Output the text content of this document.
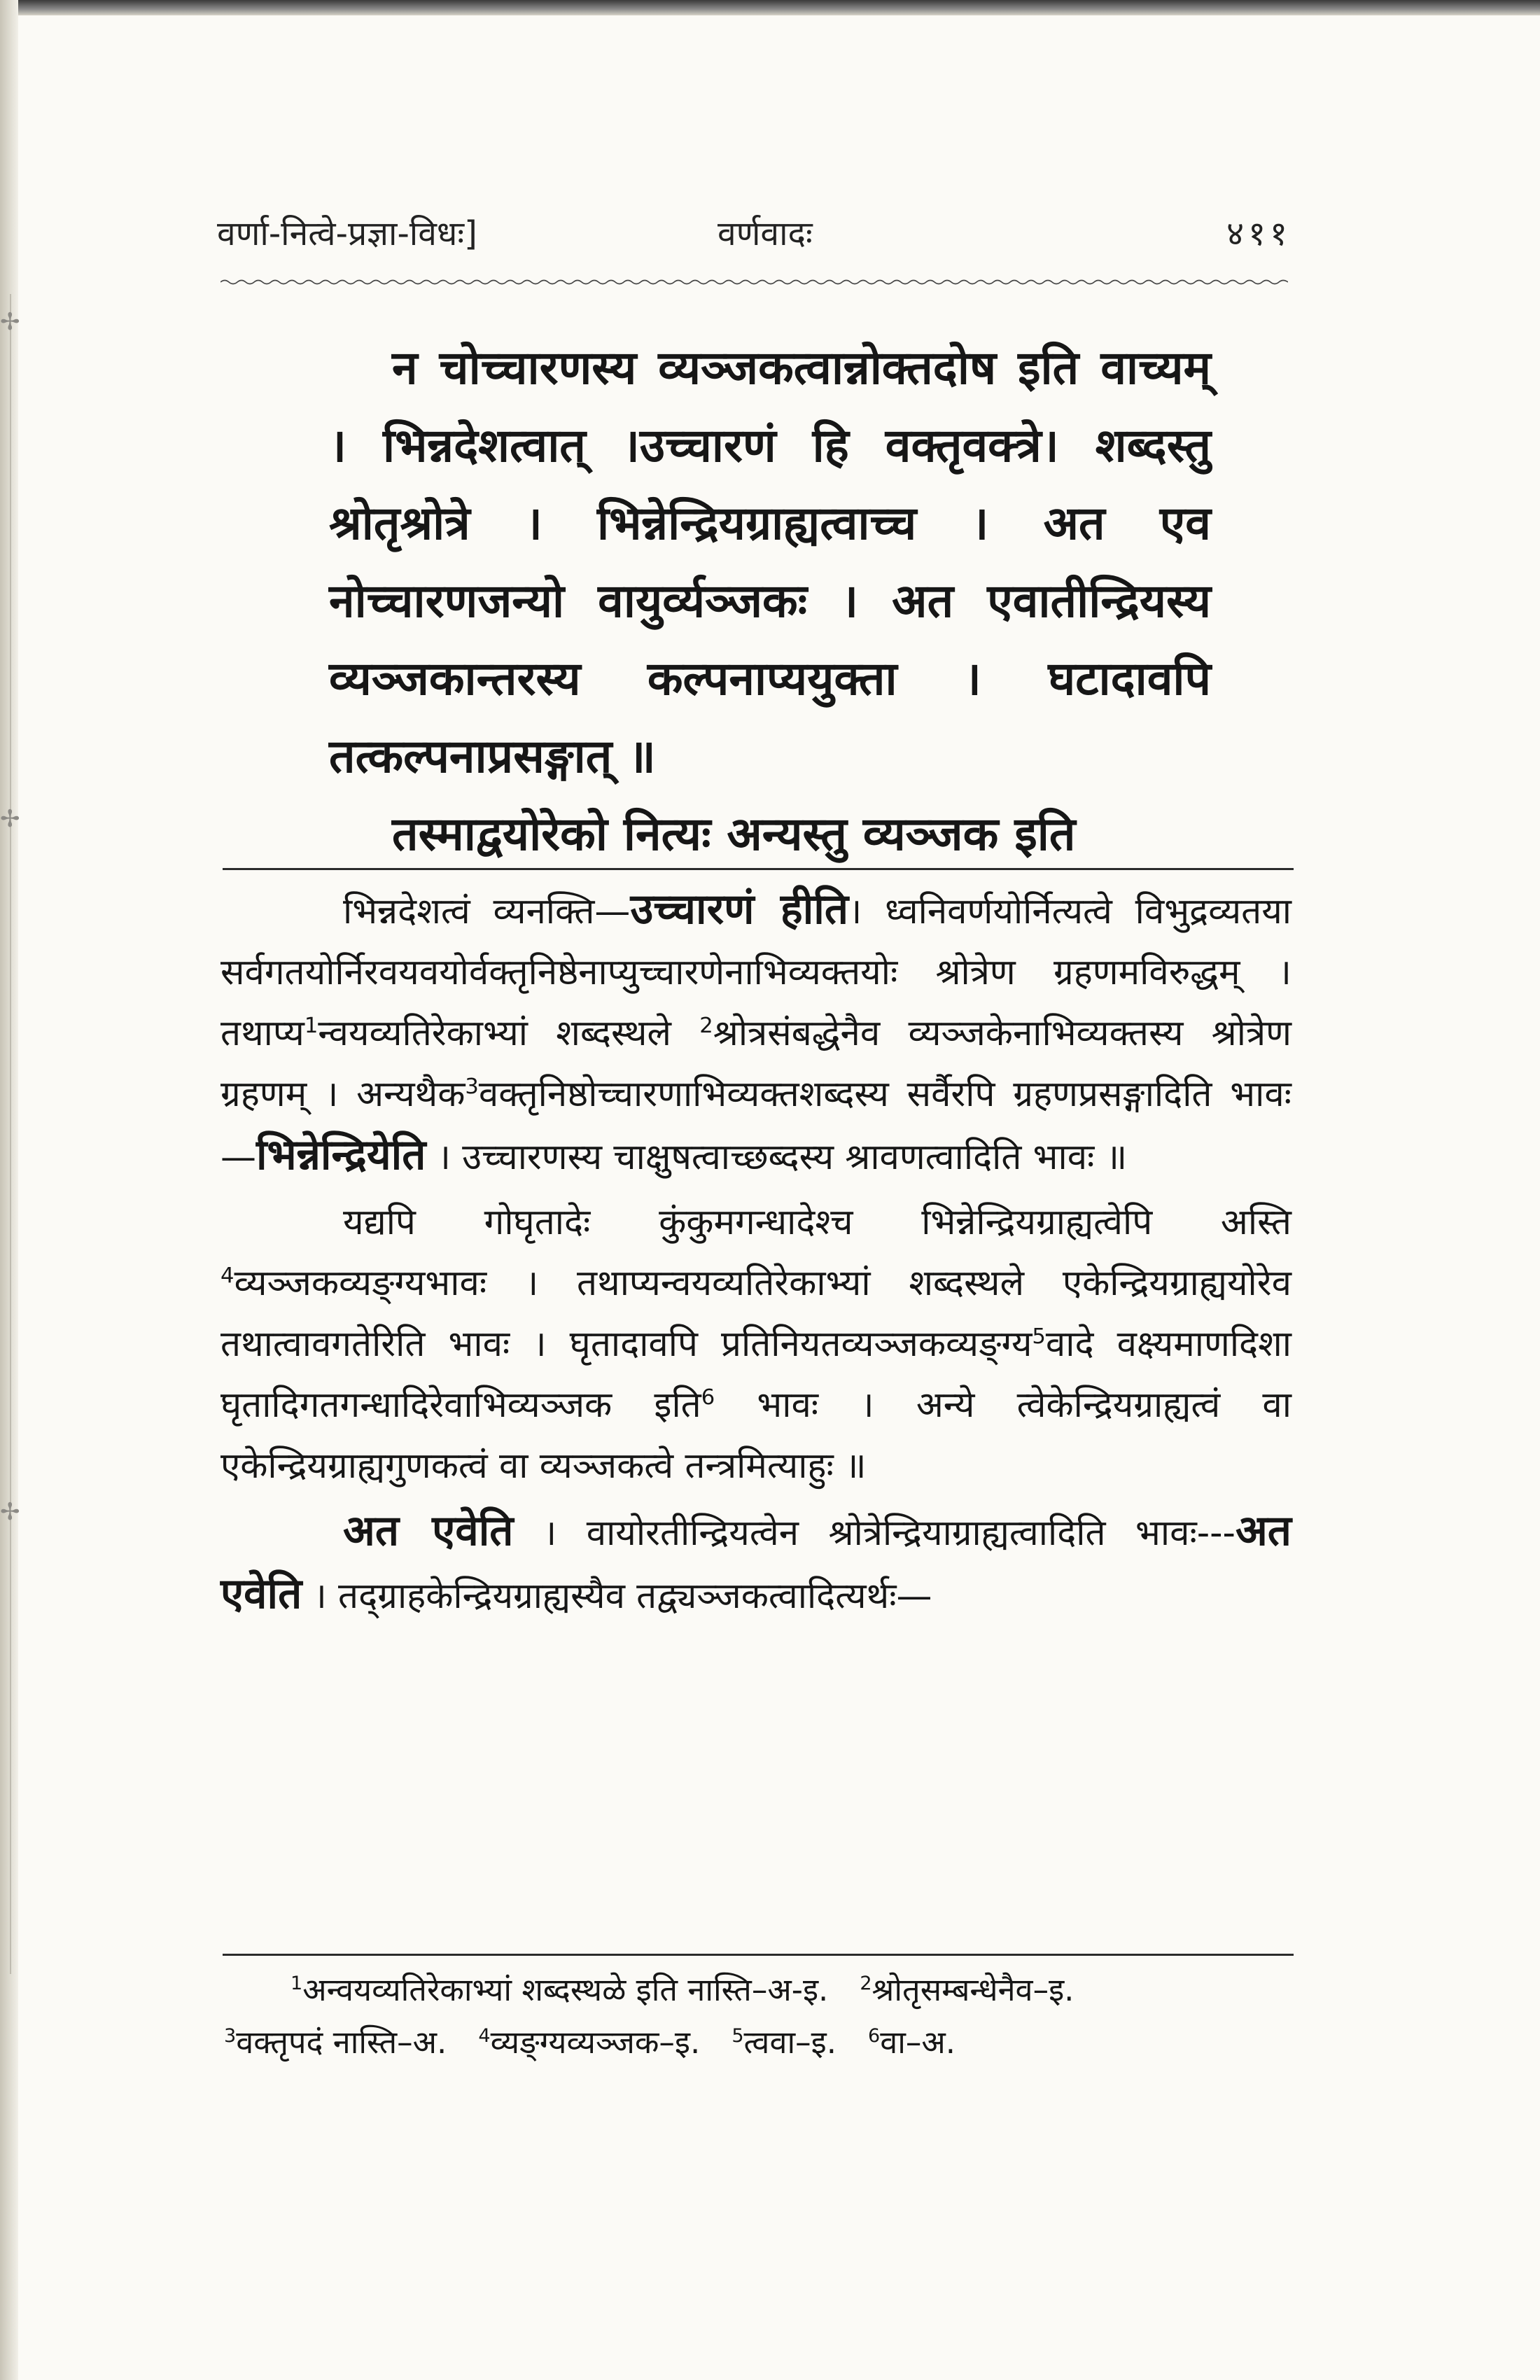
✢
✢
✢
वर्णा-नित्वे-प्रज्ञा-विधः]	वर्णवादः	४११

न चोच्चारणस्य व्यञ्जकत्वान्नोक्तदोष इति वाच्यम् । भिन्नदेशत्वात् ।उच्चारणं हि वक्तृवक्त्रे। शब्दस्तु श्रोतृश्रोत्रे । भिन्नेन्द्रियग्राह्यत्वाच्च । अत एव नोच्चारणजन्यो वायुर्व्यञ्जकः । अत एवातीन्द्रियस्य व्यञ्जकान्तरस्य कल्पनाप्ययुक्ता । घटादावपि तत्कल्पनाप्रसङ्गात् ॥

तस्माद्वयोरेको नित्यः अन्यस्तु व्यञ्जक इति

भिन्नदेशत्वं व्यनक्ति—उच्चारणं हीति। ध्वनिवर्णयोर्नित्यत्वे विभुद्रव्यतया सर्वगतयोर्निरवयवयोर्वक्तृनिष्ठेनाप्युच्चारणेनाभिव्यक्तयोः श्रोत्रेण ग्रहणमविरुद्धम् । तथाप्य$^1$न्वयव्यतिरेकाभ्यां शब्दस्थले $^2$श्रोत्रसंबद्धेनैव व्यञ्जकेनाभिव्यक्तस्य श्रोत्रेण ग्रहणम् । अन्यथैक$^3$वक्तृनिष्ठोच्चारणाभिव्यक्तशब्दस्य सर्वैरपि ग्रहणप्रसङ्गादिति भावः—भिन्नेन्द्रियेति । उच्चारणस्य चाक्षुषत्वाच्छब्दस्य श्रावणत्वादिति भावः ॥

यद्यपि गोघृतादेः कुंकुमगन्धादेश्च भिन्नेन्द्रियग्राह्यत्वेपि अस्ति $^4$व्यञ्जकव्यङ्ग्यभावः । तथाप्यन्वयव्यतिरेकाभ्यां शब्दस्थले एकेन्द्रियग्राह्ययोरेव तथात्वावगतेरिति भावः । घृतादावपि प्रतिनियतव्यञ्जकव्यङ्ग्य$^5$वादे वक्ष्यमाणदिशा घृतादिगतगन्धादिरेवाभिव्यञ्जक इति$^6$ भावः । अन्ये त्वेकेन्द्रियग्राह्यत्वं वा एकेन्द्रियग्राह्यगुणकत्वं वा व्यञ्जकत्वे तन्त्रमित्याहुः ॥

अत एवेति । वायोरतीन्द्रियत्वेन श्रोत्रेन्द्रियाग्राह्यत्वादिति भावः---अत एवेति । तद्ग्राहकेन्द्रियग्राह्यस्यैव तद्व्यञ्जकत्वादित्यर्थः—

$^1$अन्वयव्यतिरेकाभ्यां शब्दस्थळे इति नास्ति–अ-इ. $^2$श्रोतृसम्बन्धेनैव–इ.
$^3$वक्तृपदं नास्ति–अ. $^4$व्यङ्ग्यव्यञ्जक–इ. $^5$त्ववा–इ. $^6$वा–अ.
